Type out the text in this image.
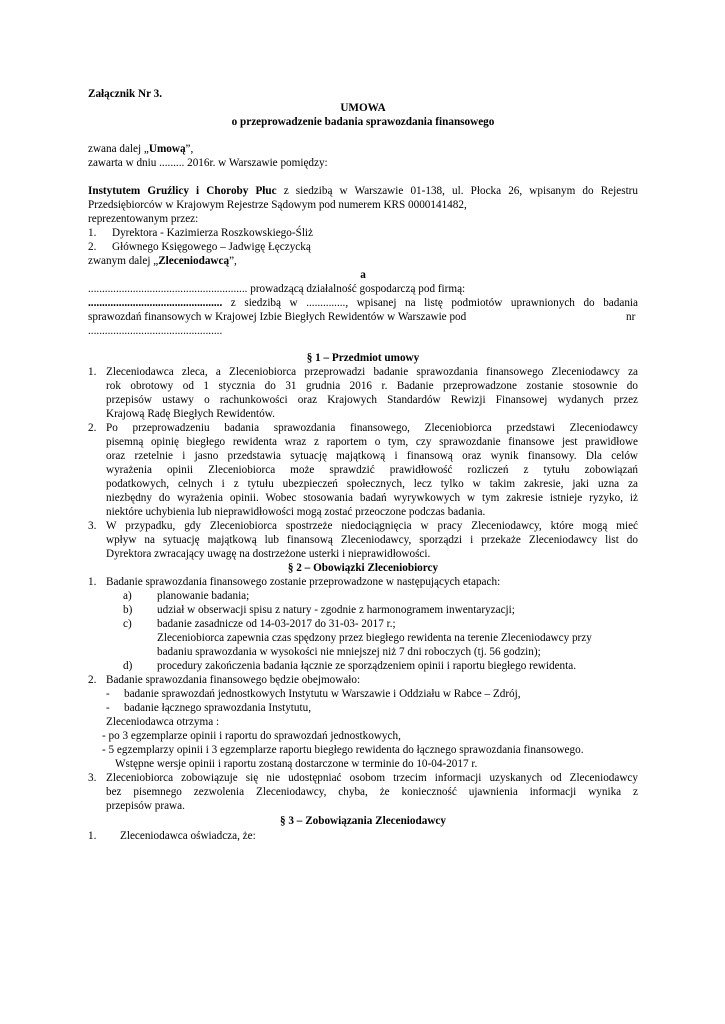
Załącznik Nr 3.
UMOWA
o przeprowadzenie badania sprawozdania finansowego
zwana dalej „Umową”,
zawarta w dniu ......... 2016r. w Warszawie pomiędzy:
Instytutem Gruźlicy i Choroby Płuc z siedzibą w Warszawie 01-138, ul. Płocka 26, wpisanym do Rejestru
Przedsiębiorców w Krajowym Rejestrze Sądowym pod numerem KRS 0000141482,
reprezentowanym przez:
1. Dyrektora - Kazimierza Roszkowskiego-Śliż
2. Głównego Księgowego – Jadwigę Łęczycką
zwanym dalej „Zleceniodawcą”,
a
......................................................... prowadzącą działalność gospodarczą pod firmą:
................................................ z siedzibą w .............., wpisanej na listę podmiotów uprawnionych do badania
sprawozdań finansowych w Krajowej Izbie Biegłych Rewidentów w Warszawie pod	nr
................................................
§ 1 – Przedmiot umowy
1. Zleceniodawca zleca, a Zleceniobiorca przeprowadzi badanie sprawozdania finansowego Zleceniodawcy za
rok obrotowy od 1 stycznia do 31 grudnia 2016 r. Badanie przeprowadzone zostanie stosownie do
przepisów ustawy o rachunkowości oraz Krajowych Standardów Rewizji Finansowej wydanych przez
Krajową Radę Biegłych Rewidentów.
2. Po przeprowadzeniu badania sprawozdania finansowego, Zleceniobiorca przedstawi Zleceniodawcy
pisemną opinię biegłego rewidenta wraz z raportem o tym, czy sprawozdanie finansowe jest prawidłowe
oraz rzetelnie i jasno przedstawia sytuację majątkową i finansową oraz wynik finansowy. Dla celów
wyrażenia opinii Zleceniobiorca może sprawdzić prawidłowość rozliczeń z tytułu zobowiązań
podatkowych, celnych i z tytułu ubezpieczeń społecznych, lecz tylko w takim zakresie, jaki uzna za
niezbędny do wyrażenia opinii. Wobec stosowania badań wyrywkowych w tym zakresie istnieje ryzyko, iż
niektóre uchybienia lub nieprawidłowości mogą zostać przeoczone podczas badania.
3. W przypadku, gdy Zleceniobiorca spostrzeże niedociągnięcia w pracy Zleceniodawcy, które mogą mieć
wpływ na sytuację majątkową lub finansową Zleceniodawcy, sporządzi i przekaże Zleceniodawcy list do
Dyrektora zwracający uwagę na dostrzeżone usterki i nieprawidłowości.
§ 2 – Obowiązki Zleceniobiorcy
1. Badanie sprawozdania finansowego zostanie przeprowadzone w następujących etapach:
a) planowanie badania;
b) udział w obserwacji spisu z natury - zgodnie z harmonogramem inwentaryzacji;
c) badanie zasadnicze od 14-03-2017 do 31-03- 2017 r.;
Zleceniobiorca zapewnia czas spędzony przez biegłego rewidenta na terenie Zleceniodawcy przy
badaniu sprawozdania w wysokości nie mniejszej niż 7 dni roboczych (tj. 56 godzin);
d) procedury zakończenia badania łącznie ze sporządzeniem opinii i raportu biegłego rewidenta.
2. Badanie sprawozdania finansowego będzie obejmowało:
- badanie sprawozdań jednostkowych Instytutu w Warszawie i Oddziału w Rabce – Zdrój,
- badanie łącznego sprawozdania Instytutu,
Zleceniodawca otrzyma :
- po 3 egzemplarze opinii i raportu do sprawozdań jednostkowych,
- 5 egzemplarzy opinii i 3 egzemplarze raportu biegłego rewidenta do łącznego sprawozdania finansowego.
Wstępne wersje opinii i raportu zostaną dostarczone w terminie do 10-04-2017 r.
3. Zleceniobiorca zobowiązuje się nie udostępniać osobom trzecim informacji uzyskanych od Zleceniodawcy
bez pisemnego zezwolenia Zleceniodawcy, chyba, że konieczność ujawnienia informacji wynika z
przepisów prawa.
§ 3 – Zobowiązania Zleceniodawcy
1. Zleceniodawca oświadcza, że:
